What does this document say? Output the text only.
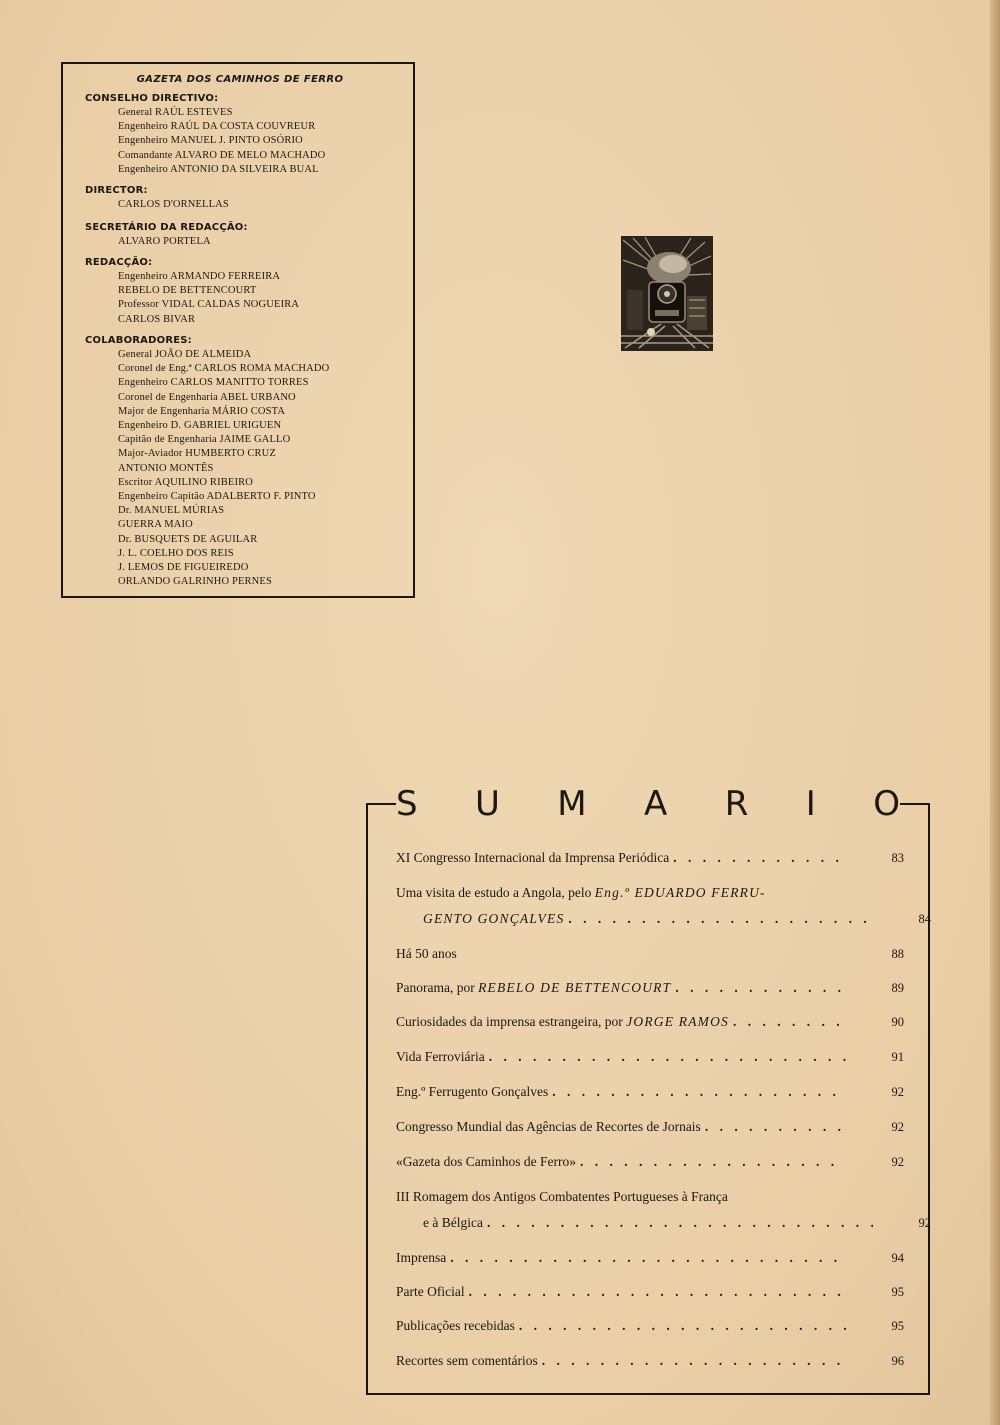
GAZETA DOS CAMINHOS DE FERRO
CONSELHO DIRECTIVO:
General RAÚL ESTEVES
Engenheiro RAÚL DA COSTA COUVREUR
Engenheiro MANUEL J. PINTO OSÓRIO
Comandante ALVARO DE MELO MACHADO
Engenheiro ANTONIO DA SILVEIRA BUAL
DIRECTOR:
CARLOS D'ORNELLAS
SECRETÁRIO DA REDACÇÃO:
ALVARO PORTELA
REDACÇÃO:
Engenheiro ARMANDO FERREIRA
REBELO DE BETTENCOURT
Professor VIDAL CALDAS NOGUEIRA
CARLOS BIVAR
COLABORADORES:
General JOÃO DE ALMEIDA
Coronel de Eng.ª CARLOS ROMA MACHADO
Engenheiro CARLOS MANITTO TORRES
Coronel de Engenharia ABEL URBANO
Major de Engenharia MÁRIO COSTA
Engenheiro D. GABRIEL URIGUEN
Capitão de Engenharia JAIME GALLO
Major-Aviador HUMBERTO CRUZ
ANTONIO MONTÊS
Escritor AQUILINO RIBEIRO
Engenheiro Capitão ADALBERTO F. PINTO
Dr. MANUEL MÚRIAS
GUERRA MAIO
Dr. BUSQUETS DE AGUILAR
J. L. COELHO DOS REIS
J. LEMOS DE FIGUEIREDO
ORLANDO GALRINHO PERNES
S U M A R I O
XI Congresso Internacional da Imprensa Periódica . . .	83
Uma visita de estudo a Angola, pelo Eng.º EDUARDO FERRU-
GENTO GONÇALVES . . .	84
Há 50 anos	88
Panorama, por REBELO DE BETTENCOURT . . .	89
Curiosidades da imprensa estrangeira, por JORGE RAMOS . . .	90
Vida Ferroviária . . .	91
Eng.º Ferrugento Gonçalves . . .	92
Congresso Mundial das Agências de Recortes de Jornais . . .	92
«Gazeta dos Caminhos de Ferro» . . .	92
III Romagem dos Antigos Combatentes Portugueses à França
e à Bélgica . . .	92
Imprensa . . .	94
Parte Oficial . . .	95
Publicações recebidas . . .	95
Recortes sem comentários . . .	96
